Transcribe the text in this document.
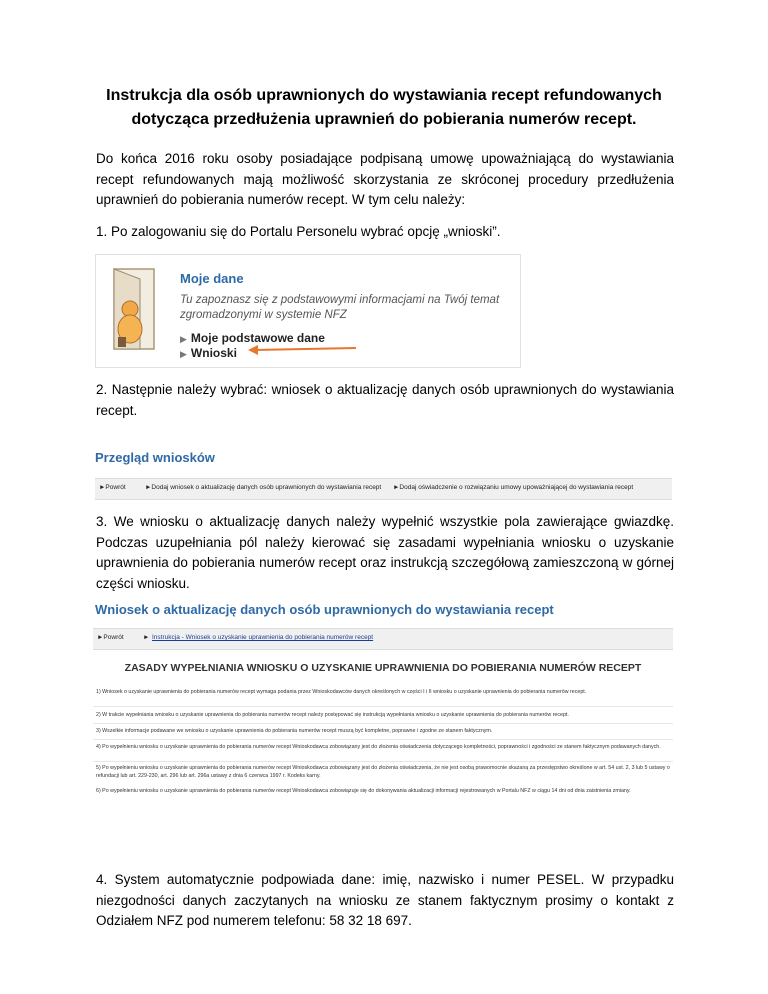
Instrukcja dla osób uprawnionych do wystawiania recept refundowanych
dotycząca przedłużenia uprawnień do pobierania numerów recept.

Do końca 2016 roku osoby posiadające podpisaną umowę upoważniającą do wystawiania recept refundowanych mają możliwość skorzystania ze skróconej procedury przedłużenia uprawnień do pobierania numerów recept. W tym celu należy:

1. Po zalogowaniu się do Portalu Personelu wybrać opcję „wnioski”.

Moje dane
Tu zapoznasz się z podstawowymi informacjami na Twój temat zgromadzonymi w systemie NFZ
▶ Moje podstawowe dane
▶ Wnioski

2. Następnie należy wybrać: wniosek o aktualizację danych osób uprawnionych do wystawiania recept.

Przegląd wniosków
►Powrót	►Dodaj wniosek o aktualizację danych osób uprawnionych do wystawiania recept ►Dodaj oświadczenie o rozwiązaniu umowy upoważniającej do wystawiania recept

3. We wniosku o aktualizację danych należy wypełnić wszystkie pola zawierające gwiazdkę. Podczas uzupełniania pól należy kierować się zasadami wypełniania wniosku o uzyskanie uprawnienia do pobierania numerów recept oraz instrukcją szczegółową zamieszczoną w górnej części wniosku.

Wniosek o aktualizację danych osób uprawnionych do wystawiania recept
►Powrót	► Instrukcja - Wniosek o uzyskanie uprawnienia do pobierania numerów recept
ZASADY WYPEŁNIANIA WNIOSKU O UZYSKANIE UPRAWNIENIA DO POBIERANIA NUMERÓW RECEPT
1) Wniosek o uzyskanie uprawnienia do pobierania numerów recept wymaga podania przez Wnioskodawców danych określonych w części I i II wniosku o uzyskanie uprawnienia do pobierania numerów recept.
2) W trakcie wypełniania wniosku o uzyskanie uprawnienia do pobierania numerów recept należy postępować się instrukcją wypełniania wniosku o uzyskanie uprawnienia do pobierania numerów recept.
3) Wszelkie informacje podawane we wniosku o uzyskanie uprawnienia do pobierania numerów recept muszą być kompletne, poprawne i zgodne ze stanem faktycznym.
4) Po wypełnieniu wniosku o uzyskanie uprawnienia do pobierania numerów recept Wnioskodawca zobowiązany jest do złożenia oświadczenia dotyczącego kompletności, poprawności i zgodności ze stanem faktycznym podawanych danych.
5) Po wypełnieniu wniosku o uzyskanie uprawnienia do pobierania numerów recept Wnioskodawca zobowiązany jest do złożenia oświadczenia, że nie jest osobą prawomocnie skazaną za przestępstwo określone w art. 54 ust. 2, 3 lub 5 ustawy o refundacji lub art. 229-230, art. 296 lub art. 296a ustawy z dnia 6 czerwca 1997 r. Kodeks karny.
6) Po wypełnieniu wniosku o uzyskanie uprawnienia do pobierania numerów recept Wnioskodawca zobowiązuje się do dokonywania aktualizacji informacji rejestrowanych w Portalu NFZ w ciągu 14 dni od dnia zaistnienia zmiany.

4. System automatycznie podpowiada dane: imię, nazwisko i numer PESEL. W przypadku niezgodności danych zaczytanych na wniosku ze stanem faktycznym prosimy o kontakt z Odziałem NFZ pod numerem telefonu: 58 32 18 697.
